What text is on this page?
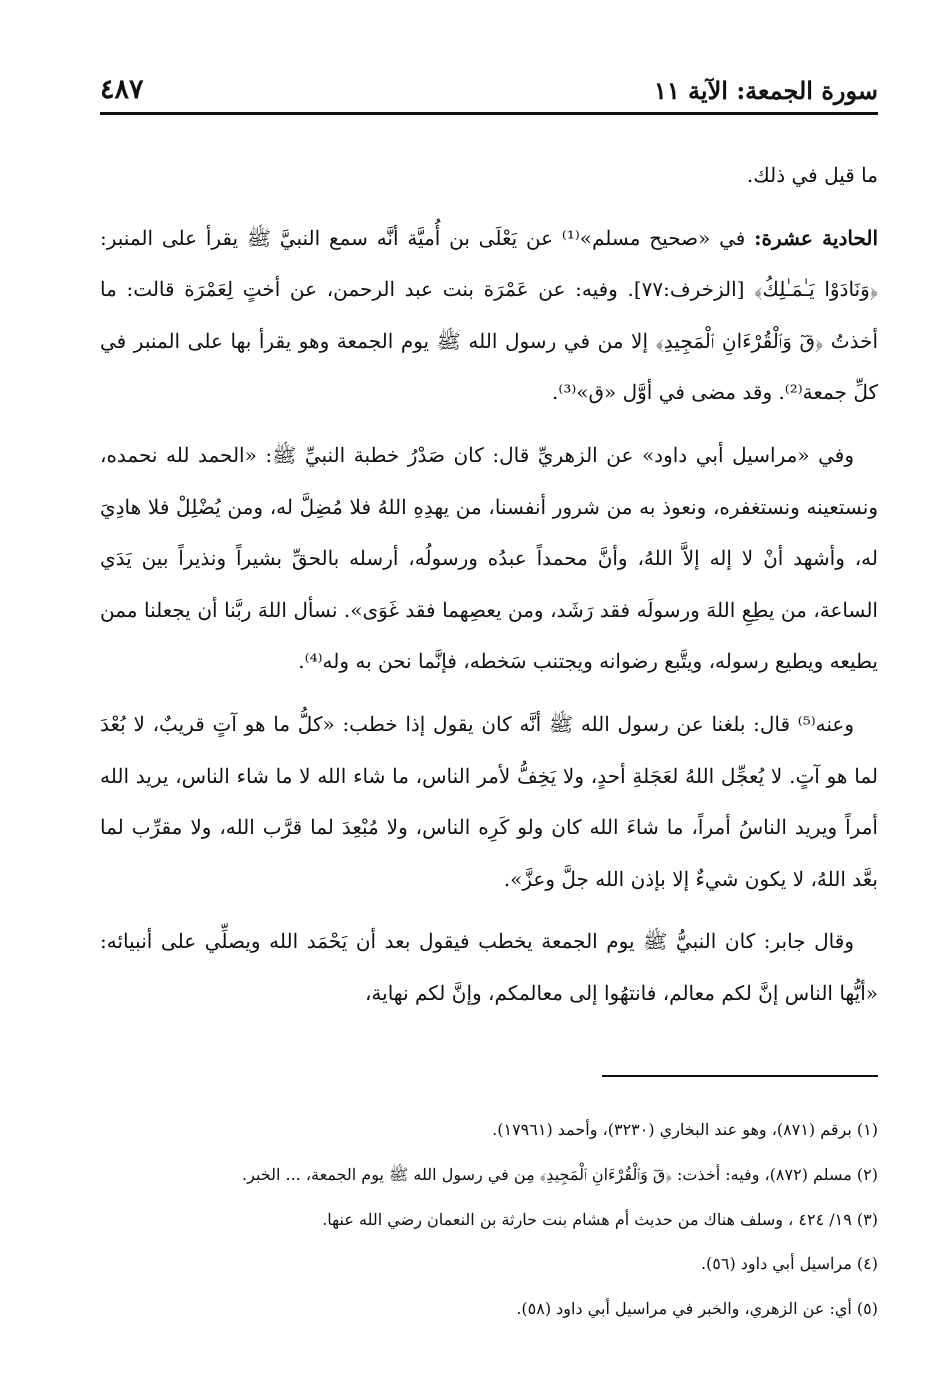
سورة الجمعة: الآية ١١
٤٨٧

ما قيل في ذلك.

الحادية عشرة: في «صحيح مسلم»⁽¹⁾ عن يَعْلَى بن أُميَّة أنَّه سمع النبيَّ ﷺ يقرأ على المنبر: ﴿وَنَادَوْا يَـٰمَـٰلِكُ﴾ [الزخرف:٧٧]. وفيه: عن عَمْرَة بنت عبد الرحمن، عن أختٍ لِعَمْرَة قالت: ما أخذتُ ﴿قٓ وَٱلْقُرْءَانِ ٱلْمَجِيدِ﴾ إلا من في رسول الله ﷺ يوم الجمعة وهو يقرأ بها على المنبر في كلِّ جمعة⁽²⁾. وقد مضى في أوَّل «ق»⁽³⁾.

وفي «مراسيل أبي داود» عن الزهريِّ قال: كان صَدْرُ خطبة النبيِّ ﷺ: «الحمد لله نحمده، ونستعينه ونستغفره، ونعوذ به من شرور أنفسنا، من يهدِهِ اللهُ فلا مُضِلَّ له، ومن يُضْلِلْ فلا هادِيَ له، وأشهد أنْ لا إله إلاَّ اللهُ، وأنَّ محمداً عبدُه ورسولُه، أرسله بالحقِّ بشيراً ونذيراً بين يَدَي الساعة، من يطِعِ اللهَ ورسولَه فقد رَشَد، ومن يعصِهما فقد غَوَى». نسأل اللهَ ربَّنا أن يجعلنا ممن يطيعه ويطيع رسوله، ويتَّبع رضوانه ويجتنب سَخطه، فإنَّما نحن به وله⁽⁴⁾.

وعنه⁽⁵⁾ قال: بلغنا عن رسول الله ﷺ أنَّه كان يقول إذا خطب: «كلُّ ما هو آتٍ قريبٌ، لا بُعْدَ لما هو آتٍ. لا يُعجِّل اللهُ لعَجَلةِ أحدٍ، ولا يَخِفُّ لأمر الناس، ما شاء الله لا ما شاء الناس، يريد الله أمراً ويريد الناسُ أمراً، ما شاءَ الله كان ولو كَرِه الناس، ولا مُبْعِدَ لما قرَّب الله، ولا مقرِّب لما بعَّد اللهُ، لا يكون شيءٌ إلا بإذن الله جلَّ وعزَّ».

وقال جابر: كان النبيُّ ﷺ يوم الجمعة يخطب فيقول بعد أن يَحْمَد الله ويصلِّي على أنبيائه: «أيُّها الناس إنَّ لكم معالم، فانتهُوا إلى معالمكم، وإنَّ لكم نهاية،

(١) برقم (٨٧١)، وهو عند البخاري (٣٢٣٠)، وأحمد (١٧٩٦١).
(٢) مسلم (٨٧٢)، وفيه: أخذت: ﴿قٓ وَٱلْقُرْءَانِ ٱلْمَجِيدِ﴾ مِن في رسول الله ﷺ يوم الجمعة، ... الخبر.
(٣) ١٩/ ٤٢٤ ، وسلف هناك من حديث أم هشام بنت حارثة بن النعمان رضي الله عنها.
(٤) مراسيل أبي داود (٥٦).
(٥) أي: عن الزهري، والخبر في مراسيل أبي داود (٥٨).
